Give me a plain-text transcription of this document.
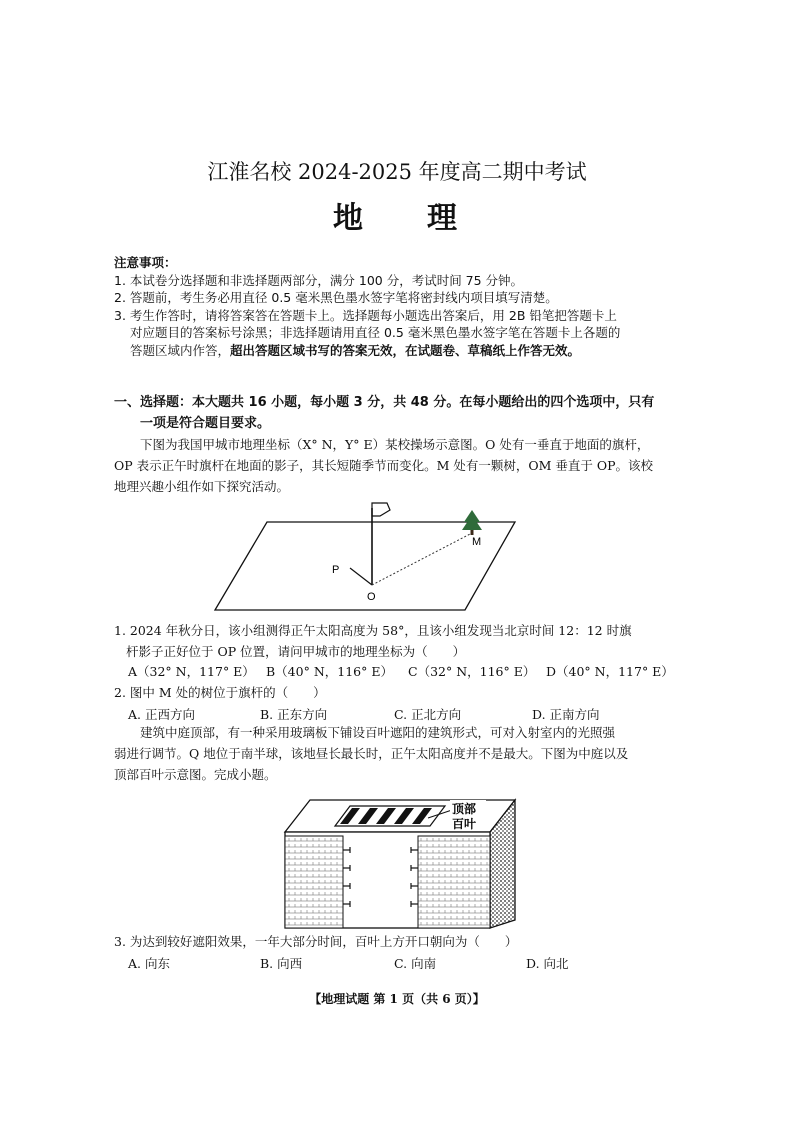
江淮名校 2024-2025 年度高二期中考试
地 理
注意事项：
1. 本试卷分选择题和非选择题两部分，满分 100 分，考试时间 75 分钟。
2. 答题前，考生务必用直径 0.5 毫米黑色墨水签字笔将密封线内项目填写清楚。
3. 考生作答时，请将答案答在答题卡上。选择题每小题选出答案后，用 2B 铅笔把答题卡上
对应题目的答案标号涂黑；非选择题请用直径 0.5 毫米黑色墨水签字笔在答题卡上各题的
答题区域内作答，超出答题区域书写的答案无效，在试题卷、草稿纸上作答无效。
一、选择题：本大题共 16 小题，每小题 3 分，共 48 分。在每小题给出的四个选项中，只有
一项是符合题目要求。
下图为我国甲城市地理坐标（X° N，Y° E）某校操场示意图。O 处有一垂直于地面的旗杆，
OP 表示正午时旗杆在地面的影子，其长短随季节而变化。M 处有一颗树，OM 垂直于 OP。该校
地理兴趣小组作如下探究活动。
P
O
M
1. 2024 年秋分日，该小组测得正午太阳高度为 58°，且该小组发现当北京时间 12：12 时旗
杆影子正好位于 OP 位置，请问甲城市的地理坐标为（　　）
A（32° N，117° E） B（40° N，116° E） C（32° N，116° E） D（40° N，117° E）
2. 图中 M 处的树位于旗杆的（　　）
A. 正西方向	B. 正东方向	C. 正北方向	D. 正南方向
建筑中庭顶部，有一种采用玻璃板下铺设百叶遮阳的建筑形式，可对入射室内的光照强
弱进行调节。Q 地位于南半球，该地昼长最长时，正午太阳高度并不是最大。下图为中庭以及
顶部百叶示意图。完成小题。
顶部
百叶
3. 为达到较好遮阳效果，一年大部分时间，百叶上方开口朝向为（　　）
A. 向东	B. 向西	C. 向南	D. 向北
【地理试题 第 1 页（共 6 页）】
